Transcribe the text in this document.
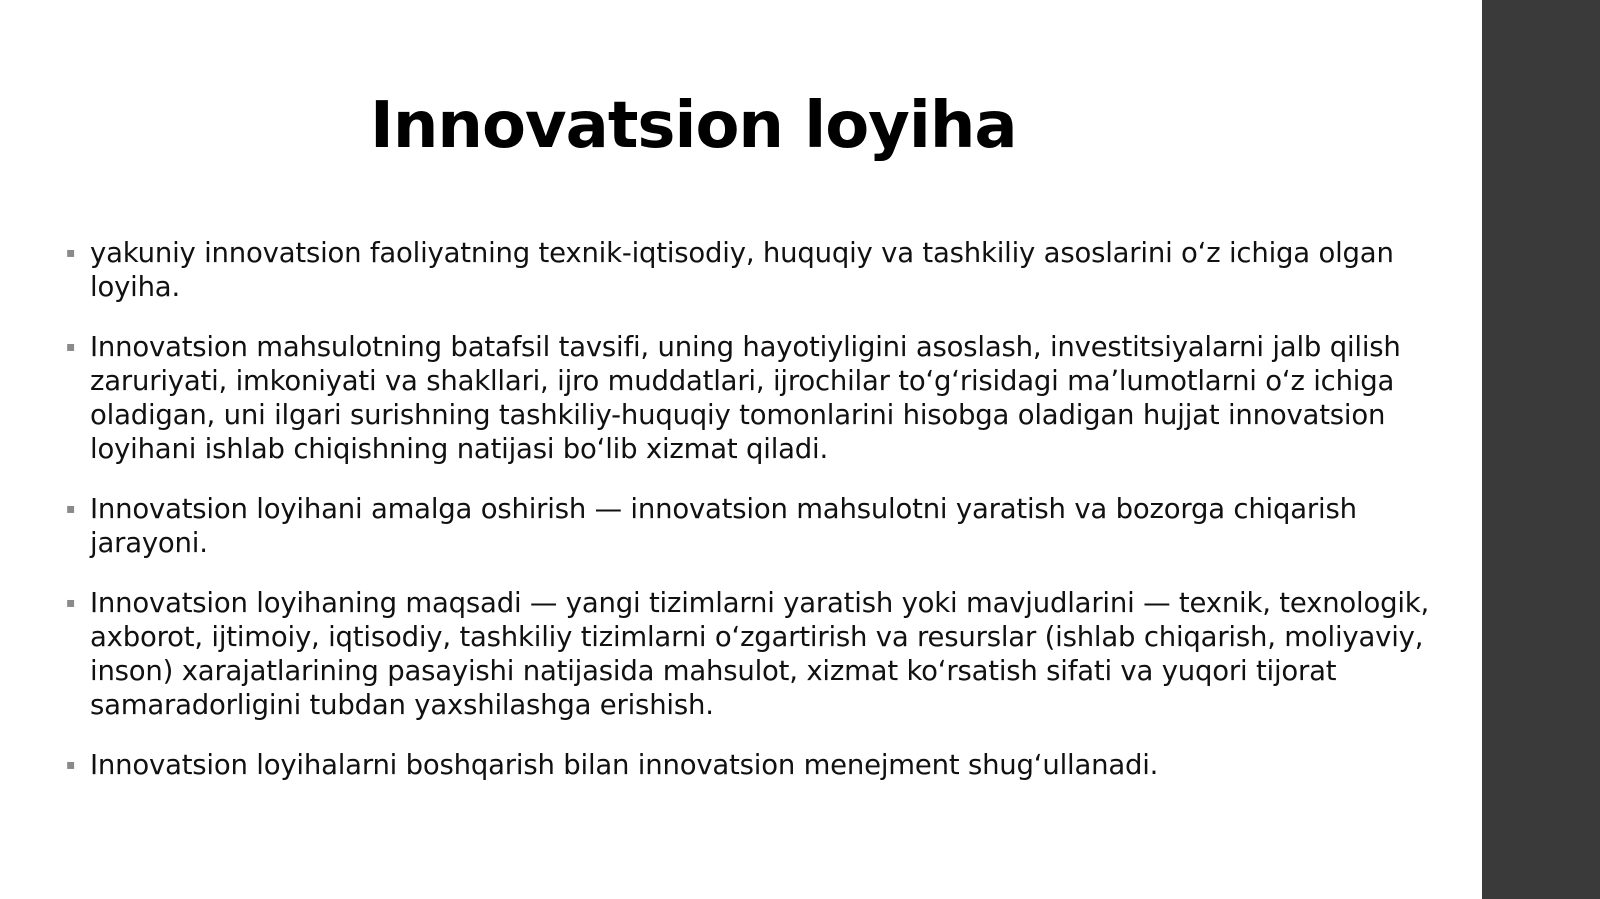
Innovatsion loyiha
▪ yakuniy innovatsion faoliyatning texnik-iqtisodiy, huquqiy va tashkiliy asoslarini oʻz ichiga olgan loyiha.
▪ Innovatsion mahsulotning batafsil tavsifi, uning hayotiyligini asoslash, investitsiyalarni jalb qilish zaruriyati, imkoniyati va shakllari, ijro muddatlari, ijrochilar toʻgʻrisidagi maʼlumotlarni oʻz ichiga oladigan, uni ilgari surishning tashkiliy-huquqiy tomonlarini hisobga oladigan hujjat innovatsion loyihani ishlab chiqishning natijasi boʻlib xizmat qiladi.
▪ Innovatsion loyihani amalga oshirish — innovatsion mahsulotni yaratish va bozorga chiqarish jarayoni.
▪ Innovatsion loyihaning maqsadi — yangi tizimlarni yaratish yoki mavjudlarini — texnik, texnologik, axborot, ijtimoiy, iqtisodiy, tashkiliy tizimlarni oʻzgartirish va resurslar (ishlab chiqarish, moliyaviy, inson) xarajatlarining pasayishi natijasida mahsulot, xizmat koʻrsatish sifati va yuqori tijorat samaradorligini tubdan yaxshilashga erishish.
▪ Innovatsion loyihalarni boshqarish bilan innovatsion menejment shugʻullanadi.
